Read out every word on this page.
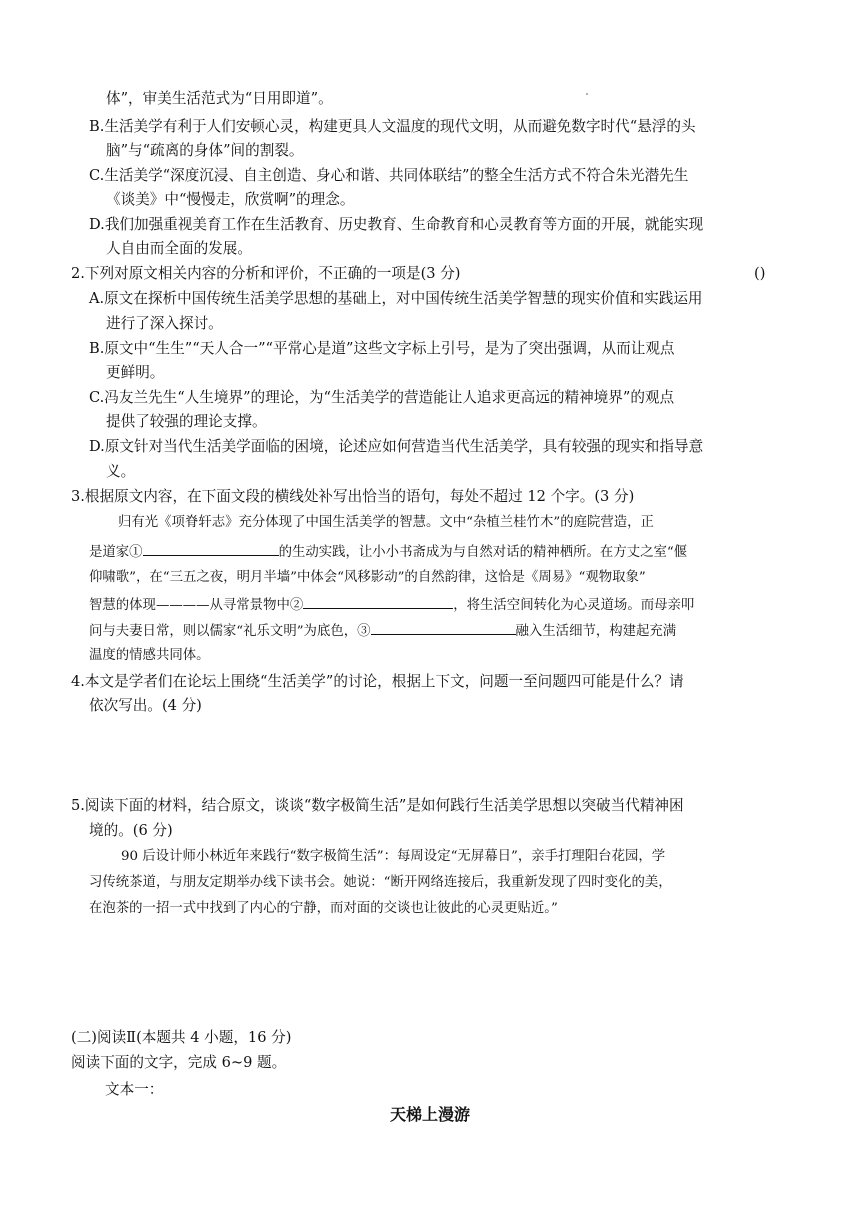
体”，审美生活范式为“日用即道”。
B.生活美学有利于人们安顿心灵，构建更具人文温度的现代文明，从而避免数字时代“悬浮的头
脑”与“疏离的身体”间的割裂。
C.生活美学“深度沉浸、自主创造、身心和谐、共同体联结”的整全生活方式不符合朱光潜先生
《谈美》中“慢慢走，欣赏啊”的理念。
D.我们加强重视美育工作在生活教育、历史教育、生命教育和心灵教育等方面的开展，就能实现
人自由而全面的发展。
2.下列对原文相关内容的分析和评价，不正确的一项是(3 分)	()
A.原文在探析中国传统生活美学思想的基础上，对中国传统生活美学智慧的现实价值和实践运用
进行了深入探讨。
B.原文中“生生”“天人合一”“平常心是道”这些文字标上引号，是为了突出强调，从而让观点
更鲜明。
C.冯友兰先生“人生境界”的理论，为“生活美学的营造能让人追求更高远的精神境界”的观点
提供了较强的理论支撑。
D.原文针对当代生活美学面临的困境，论述应如何营造当代生活美学，具有较强的现实和指导意
义。
3.根据原文内容，在下面文段的横线处补写出恰当的语句，每处不超过 12 个字。(3 分)
归有光《项脊轩志》充分体现了中国生活美学的智慧。文中“杂植兰桂竹木”的庭院营造，正
是道家①	的生动实践，让小小书斋成为与自然对话的精神栖所。在方丈之室“偃
仰啸歌”，在“三五之夜，明月半墙”中体会“风移影动”的自然韵律，这恰是《周易》“观物取象”
智慧的体现————从寻常景物中②	，将生活空间转化为心灵道场。而母亲叩
问与夫妻日常，则以儒家“礼乐文明”为底色，③	融入生活细节，构建起充满
温度的情感共同体。
4.本文是学者们在论坛上围绕“生活美学”的讨论，根据上下文，问题一至问题四可能是什么？请
依次写出。(4 分)
5.阅读下面的材料，结合原文，谈谈“数字极简生活”是如何践行生活美学思想以突破当代精神困
境的。(6 分)
90 后设计师小林近年来践行“数字极简生活”：每周设定“无屏幕日”，亲手打理阳台花园，学
习传统茶道，与朋友定期举办线下读书会。她说：“断开网络连接后，我重新发现了四时变化的美，
在泡茶的一招一式中找到了内心的宁静，而对面的交谈也让彼此的心灵更贴近。”
(二)阅读Ⅱ(本题共 4 小题，16 分)
阅读下面的文字，完成 6~9 题。
文本一：
天梯上漫游
